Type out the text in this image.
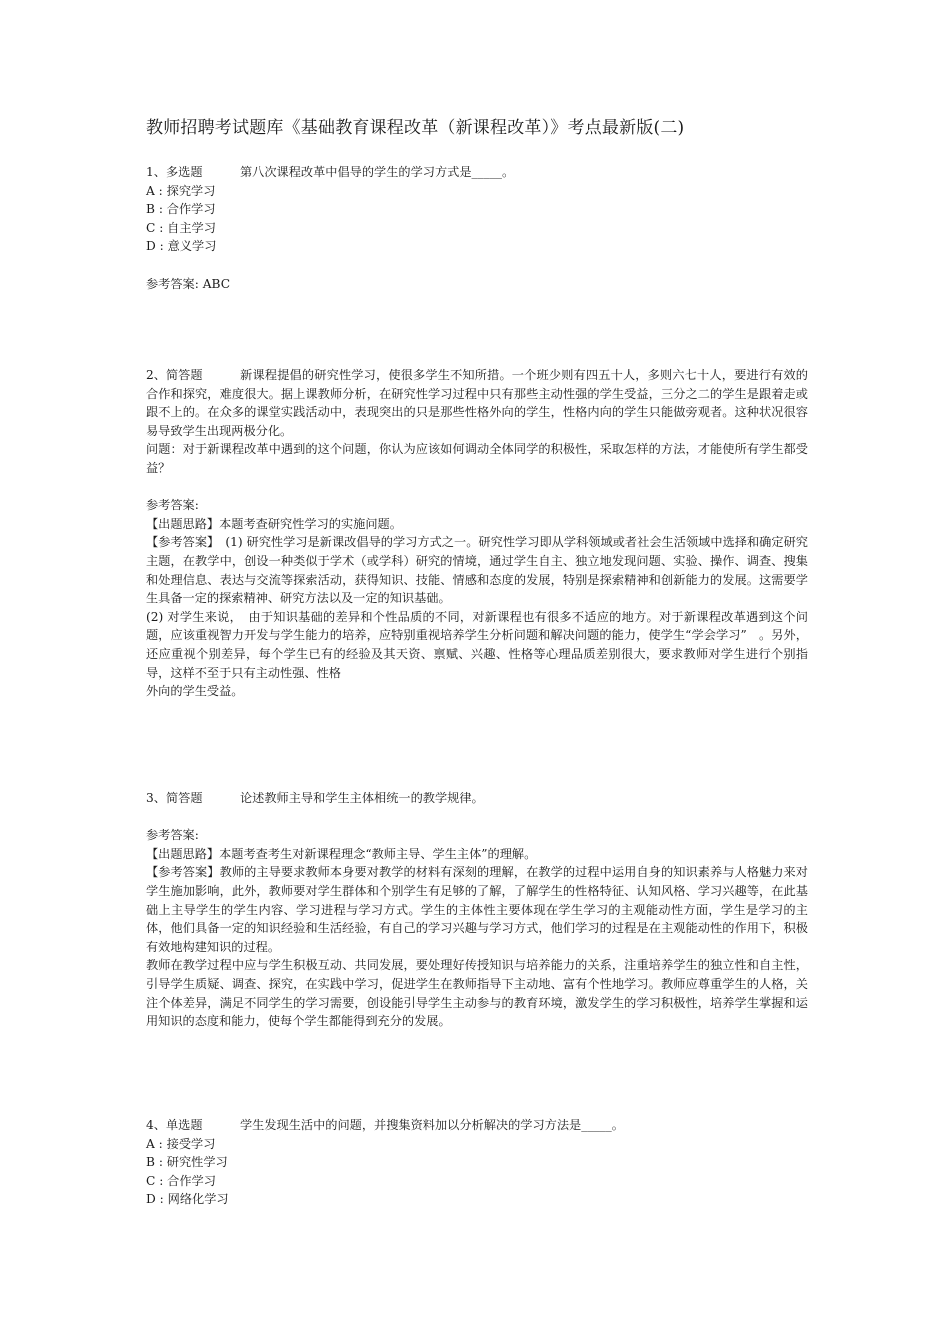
教师招聘考试题库《基础教育课程改革（新课程改革）》考点最新版(二)
1、多选题	第八次课程改革中倡导的学生的学习方式是_____。
A : 探究学习
B : 合作学习
C : 自主学习
D : 意义学习
参考答案: ABC
2、简答题	新课程提倡的研究性学习，使很多学生不知所措。一个班少则有四五十人，多则六七十人，要进行有效的合作和探究，难度很大。据上课教师分析，在研究性学习过程中只有那些主动性强的学生受益，三分之二的学生是跟着走或跟不上的。在众多的课堂实践活动中，表现突出的只是那些性格外向的学生，性格内向的学生只能做旁观者。这种状况很容易导致学生出现两极分化。
问题：对于新课程改革中遇到的这个问题，你认为应该如何调动全体同学的积极性，采取怎样的方法，才能使所有学生都受益？
参考答案:
【出题思路】本题考查研究性学习的实施问题。
【参考答案】　(1) 研究性学习是新课改倡导的学习方式之一。研究性学习即从学科领域或者社会生活领域中选择和确定研究主题，在教学中，创设一种类似于学术（或学科）研究的情境，通过学生自主、独立地发现问题、实验、操作、调查、搜集和处理信息、表达与交流等探索活动，获得知识、技能、情感和态度的发展，特别是探索精神和创新能力的发展。这需要学生具备一定的探索精神、研究方法以及一定的知识基础。
(2) 对学生来说，　由于知识基础的差异和个性品质的不同，对新课程也有很多不适应的地方。对于新课程改革遇到这个问题，应该重视智力开发与学生能力的培养，应特别重视培养学生分析问题和解决问题的能力，使学生“学会学习”　。另外，还应重视个别差异，每个学生已有的经验及其天资、禀赋、兴趣、性格等心理品质差别很大，要求教师对学生进行个别指导，这样不至于只有主动性强、性格
外向的学生受益。
3、简答题	论述教师主导和学生主体相统一的教学规律。
参考答案:
【出题思路】本题考查考生对新课程理念“教师主导、学生主体”的理解。
【参考答案】教师的主导要求教师本身要对教学的材料有深刻的理解，在教学的过程中运用自身的知识素养与人格魅力来对学生施加影响，此外，教师要对学生群体和个别学生有足够的了解，了解学生的性格特征、认知风格、学习兴趣等，在此基础上主导学生的学生内容、学习进程与学习方式。学生的主体性主要体现在学生学习的主观能动性方面，学生是学习的主体，他们具备一定的知识经验和生活经验，有自己的学习兴趣与学习方式，他们学习的过程是在主观能动性的作用下，积极有效地构建知识的过程。
教师在教学过程中应与学生积极互动、共同发展，要处理好传授知识与培养能力的关系，注重培养学生的独立性和自主性，引导学生质疑、调查、探究，在实践中学习，促进学生在教师指导下主动地、富有个性地学习。教师应尊重学生的人格，关注个体差异，满足不同学生的学习需要，创设能引导学生主动参与的教育环境，激发学生的学习积极性，培养学生掌握和运用知识的态度和能力，使每个学生都能得到充分的发展。
4、单选题	学生发现生活中的问题，并搜集资料加以分析解决的学习方法是_____。
A : 接受学习
B : 研究性学习
C : 合作学习
D : 网络化学习
